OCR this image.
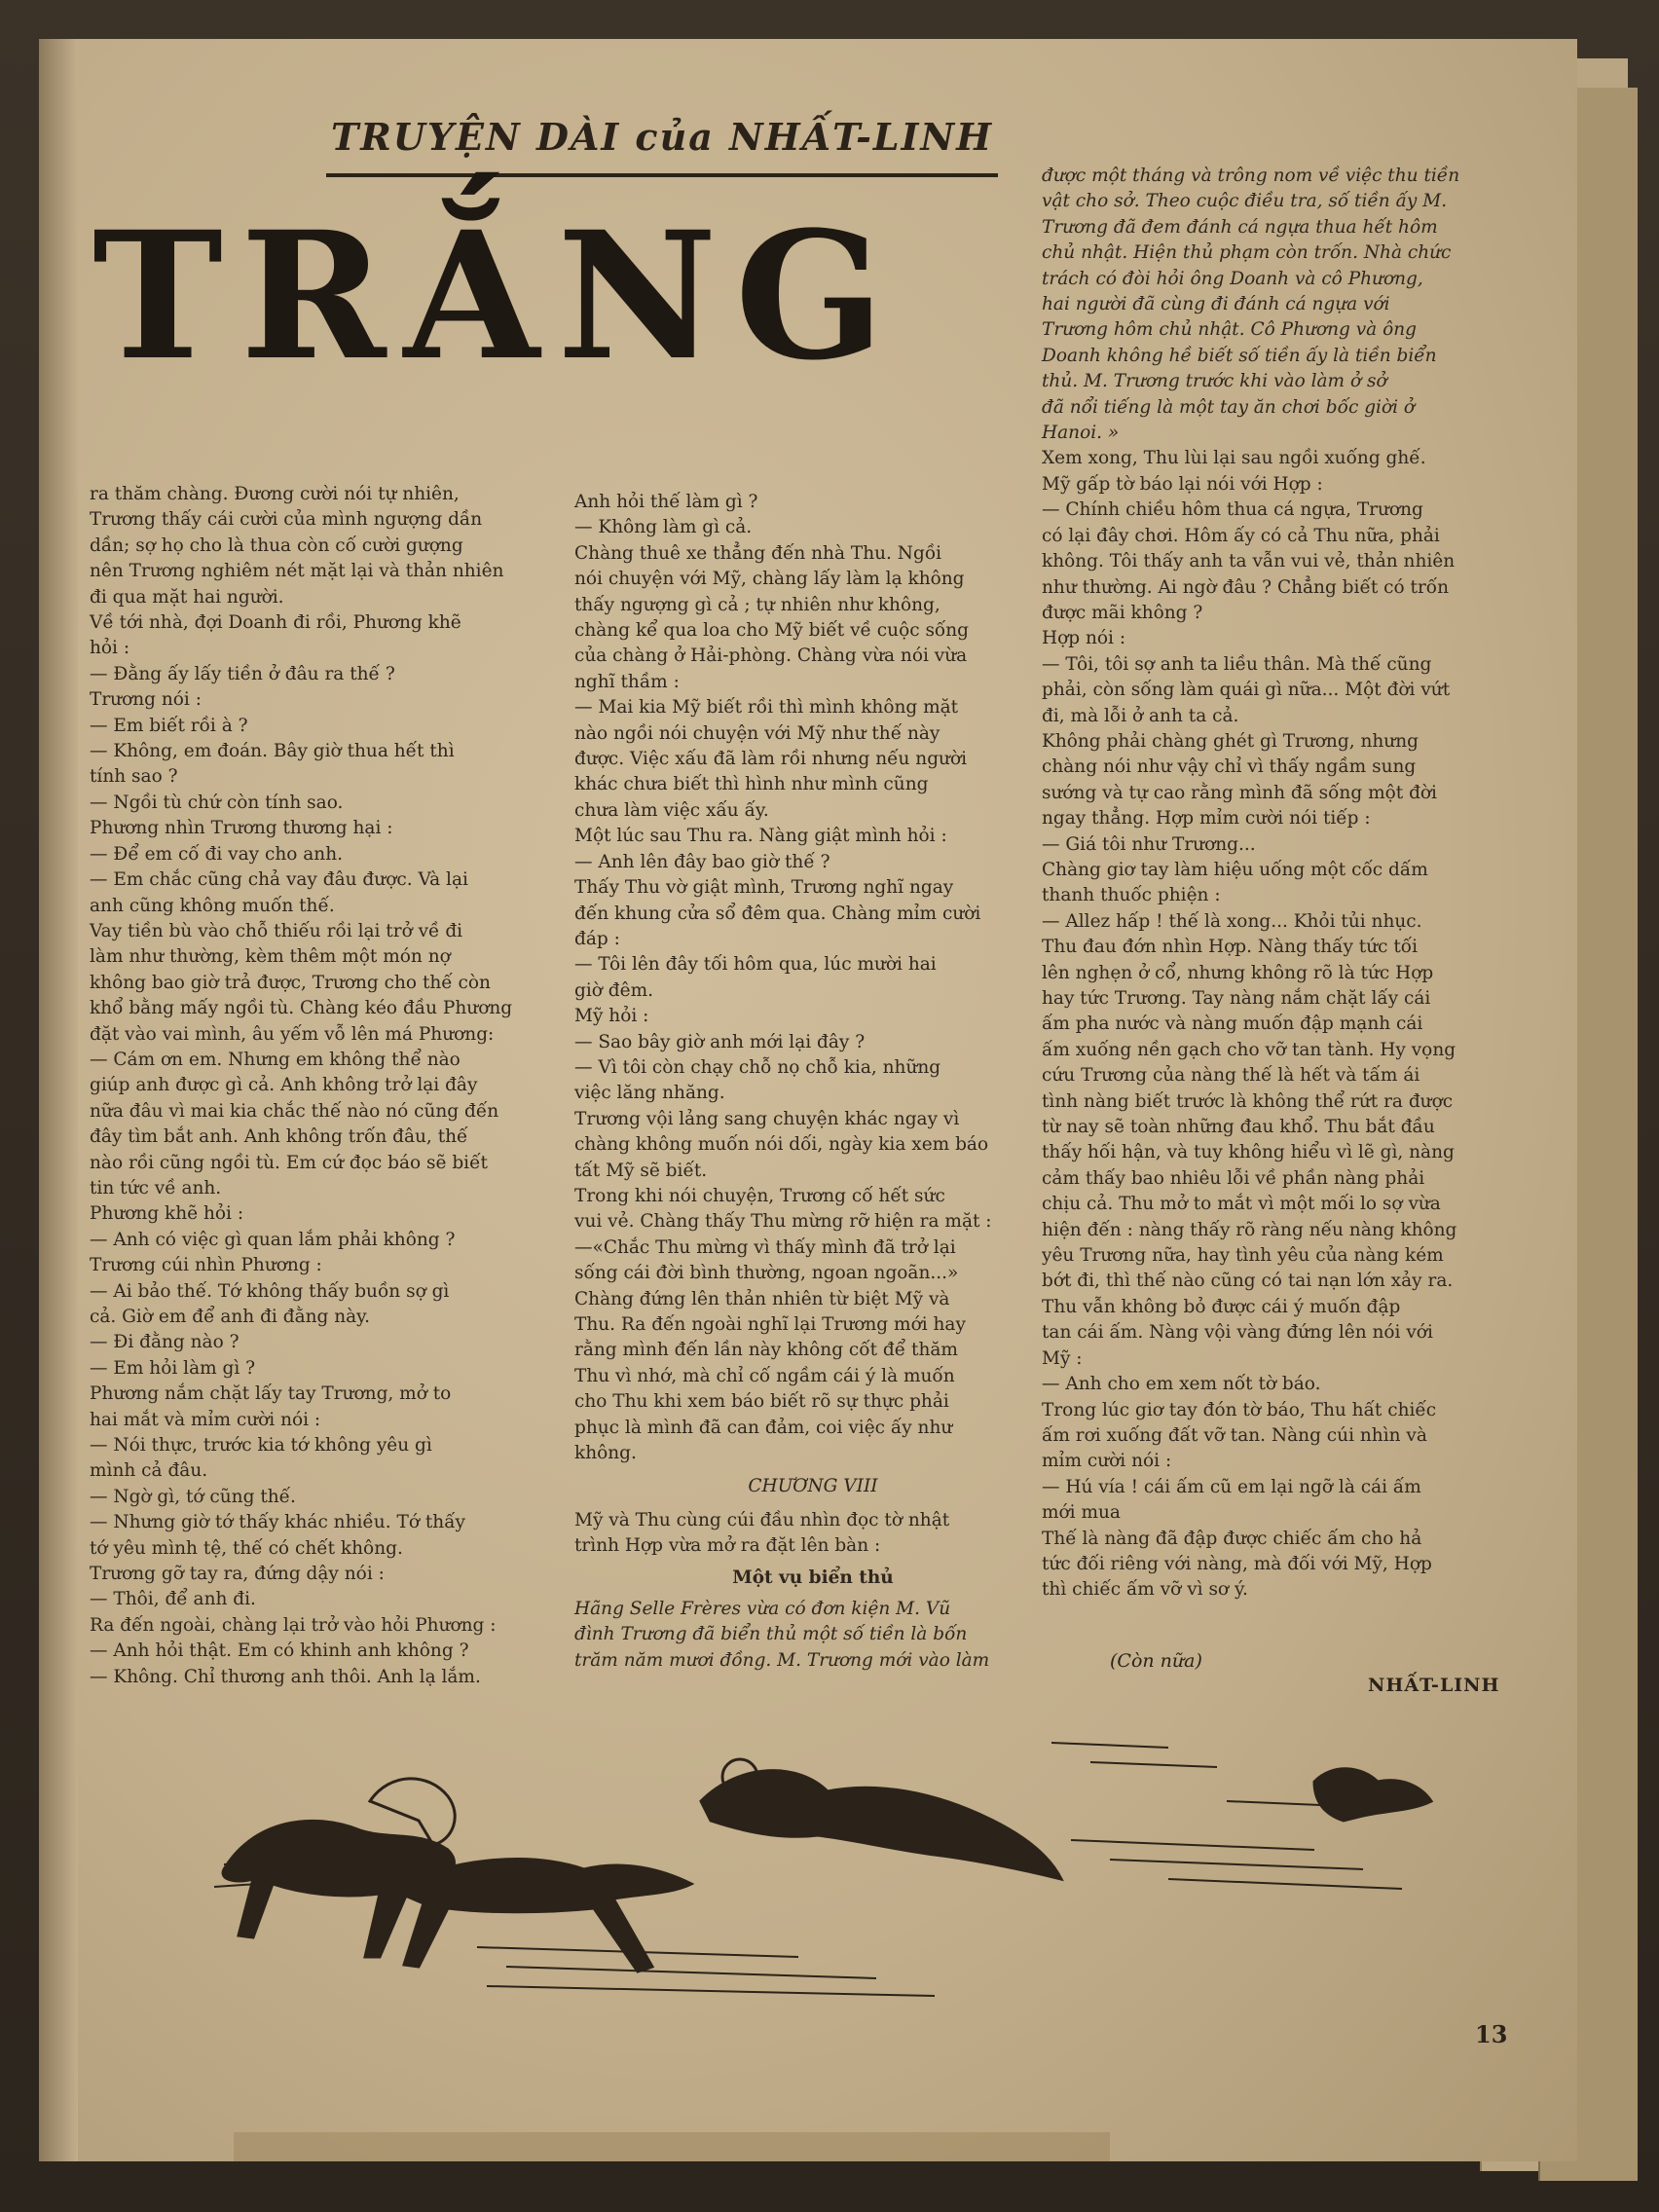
TRUYỆN DÀI của NHẤT-LINH
TRẮNG

ra thăm chàng. Đương cười nói tự nhiên,

Trương thấy cái cười của mình ngượng dần

dần; sợ họ cho là thua còn cố cười gượng

nên Trương nghiêm nét mặt lại và thản nhiên

đi qua mặt hai người.

Về tới nhà, đợi Doanh đi rồi, Phương khẽ

hỏi :

— Đằng ấy lấy tiền ở đâu ra thế ?

Trương nói :

— Em biết rồi à ?

— Không, em đoán. Bây giờ thua hết thì

tính sao ?

— Ngồi tù chứ còn tính sao.

Phương nhìn Trương thương hại :

— Để em cố đi vay cho anh.

— Em chắc cũng chả vay đâu được. Và lại

anh cũng không muốn thế.

Vay tiền bù vào chỗ thiếu rồi lại trở về đi

làm như thường, kèm thêm một món nợ

không bao giờ trả được, Trương cho thế còn

khổ bằng mấy ngồi tù. Chàng kéo đầu Phương

đặt vào vai mình, âu yếm vỗ lên má Phương:

— Cám ơn em. Nhưng em không thể nào

giúp anh được gì cả. Anh không trở lại đây

nữa đâu vì mai kia chắc thế nào nó cũng đến

đây tìm bắt anh. Anh không trốn đâu, thế

nào rồi cũng ngồi tù. Em cứ đọc báo sẽ biết

tin tức về anh.

Phương khẽ hỏi :

— Anh có việc gì quan lắm phải không ?

Trương cúi nhìn Phương :

— Ai bảo thế. Tớ không thấy buồn sợ gì

cả. Giờ em để anh đi đằng này.

— Đi đằng nào ?

— Em hỏi làm gì ?

Phương nắm chặt lấy tay Trương, mở to

hai mắt và mỉm cười nói :

— Nói thực, trước kia tớ không yêu gì

mình cả đâu.

— Ngờ gì, tớ cũng thế.

— Nhưng giờ tớ thấy khác nhiều. Tớ thấy

tớ yêu mình tệ, thế có chết không.

Trương gỡ tay ra, đứng dậy nói :

— Thôi, để anh đi.

Ra đến ngoài, chàng lại trở vào hỏi Phương :

— Anh hỏi thật. Em có khinh anh không ?

— Không. Chỉ thương anh thôi. Anh lạ lắm.

Anh hỏi thế làm gì ?

— Không làm gì cả.

Chàng thuê xe thẳng đến nhà Thu. Ngồi

nói chuyện với Mỹ, chàng lấy làm lạ không

thấy ngượng gì cả ; tự nhiên như không,

chàng kể qua loa cho Mỹ biết về cuộc sống

của chàng ở Hải-phòng. Chàng vừa nói vừa

nghĩ thầm :

— Mai kia Mỹ biết rồi thì mình không mặt

nào ngồi nói chuyện với Mỹ như thế này

được. Việc xấu đã làm rồi nhưng nếu người

khác chưa biết thì hình như mình cũng

chưa làm việc xấu ấy.

Một lúc sau Thu ra. Nàng giật mình hỏi :

— Anh lên đây bao giờ thế ?

Thấy Thu vờ giật mình, Trương nghĩ ngay

đến khung cửa sổ đêm qua. Chàng mỉm cười

đáp :

— Tôi lên đây tối hôm qua, lúc mười hai

giờ đêm.

Mỹ hỏi :

— Sao bây giờ anh mới lại đây ?

— Vì tôi còn chạy chỗ nọ chỗ kia, những

việc lăng nhăng.

Trương vội lảng sang chuyện khác ngay vì

chàng không muốn nói dối, ngày kia xem báo

tất Mỹ sẽ biết.

Trong khi nói chuyện, Trương cố hết sức

vui vẻ. Chàng thấy Thu mừng rỡ hiện ra mặt :

—«Chắc Thu mừng vì thấy mình đã trở lại

sống cái đời bình thường, ngoan ngoãn...»

Chàng đứng lên thản nhiên từ biệt Mỹ và

Thu. Ra đến ngoài nghĩ lại Trương mới hay

rằng mình đến lần này không cốt để thăm

Thu vì nhớ, mà chỉ cố ngầm cái ý là muốn

cho Thu khi xem báo biết rõ sự thực phải

phục là mình đã can đảm, coi việc ấy như

không.

CHƯƠNG VIII

Mỹ và Thu cùng cúi đầu nhìn đọc tờ nhật

trình Hợp vừa mở ra đặt lên bàn :

Một vụ biển thủ

Hãng Selle Frères vừa có đơn kiện M. Vũ

đình Trương đã biển thủ một số tiền là bốn

trăm năm mươi đồng. M. Trương mới vào làm

được một tháng và trông nom về việc thu tiền

vật cho sở. Theo cuộc điều tra, số tiền ấy M.

Trương đã đem đánh cá ngựa thua hết hôm

chủ nhật. Hiện thủ phạm còn trốn. Nhà chức

trách có đòi hỏi ông Doanh và cô Phương,

hai người đã cùng đi đánh cá ngựa với

Trương hôm chủ nhật. Cô Phương và ông

Doanh không hề biết số tiền ấy là tiền biển

thủ. M. Trương trước khi vào làm ở sở

đã nổi tiếng là một tay ăn chơi bốc giời ở

Hanoi. »

Xem xong, Thu lùi lại sau ngồi xuống ghế.

Mỹ gấp tờ báo lại nói với Hợp :

— Chính chiều hôm thua cá ngựa, Trương

có lại đây chơi. Hôm ấy có cả Thu nữa, phải

không. Tôi thấy anh ta vẫn vui vẻ, thản nhiên

như thường. Ai ngờ đâu ? Chẳng biết có trốn

được mãi không ?

Hợp nói :

— Tôi, tôi sợ anh ta liều thân. Mà thế cũng

phải, còn sống làm quái gì nữa... Một đời vứt

đi, mà lỗi ở anh ta cả.

Không phải chàng ghét gì Trương, nhưng

chàng nói như vậy chỉ vì thấy ngầm sung

sướng và tự cao rằng mình đã sống một đời

ngay thẳng. Hợp mỉm cười nói tiếp :

— Giá tôi như Trương...

Chàng giơ tay làm hiệu uống một cốc dấm

thanh thuốc phiện :

— Allez hấp ! thế là xong... Khỏi tủi nhục.

Thu đau đớn nhìn Hợp. Nàng thấy tức tối

lên nghẹn ở cổ, nhưng không rõ là tức Hợp

hay tức Trương. Tay nàng nắm chặt lấy cái

ấm pha nước và nàng muốn đập mạnh cái

ấm xuống nền gạch cho vỡ tan tành. Hy vọng

cứu Trương của nàng thế là hết và tấm ái

tình nàng biết trước là không thể rứt ra được

từ nay sẽ toàn những đau khổ. Thu bắt đầu

thấy hối hận, và tuy không hiểu vì lẽ gì, nàng

cảm thấy bao nhiêu lỗi về phần nàng phải

chịu cả. Thu mở to mắt vì một mối lo sợ vừa

hiện đến : nàng thấy rõ ràng nếu nàng không

yêu Trương nữa, hay tình yêu của nàng kém

bớt đi, thì thế nào cũng có tai nạn lớn xảy ra.

Thu vẫn không bỏ được cái ý muốn đập

tan cái ấm. Nàng vội vàng đứng lên nói với

Mỹ :

— Anh cho em xem nốt tờ báo.

Trong lúc giơ tay đón tờ báo, Thu hất chiếc

ấm rơi xuống đất vỡ tan. Nàng cúi nhìn và

mỉm cười nói :

— Hú vía ! cái ấm cũ em lại ngỡ là cái ấm

mới mua

Thế là nàng đã đập được chiếc ấm cho hả

tức đối riêng với nàng, mà đối với Mỹ, Hợp

thì chiếc ấm vỡ vì sơ ý.

(Còn nữa)
NHẤT-LINH
13
